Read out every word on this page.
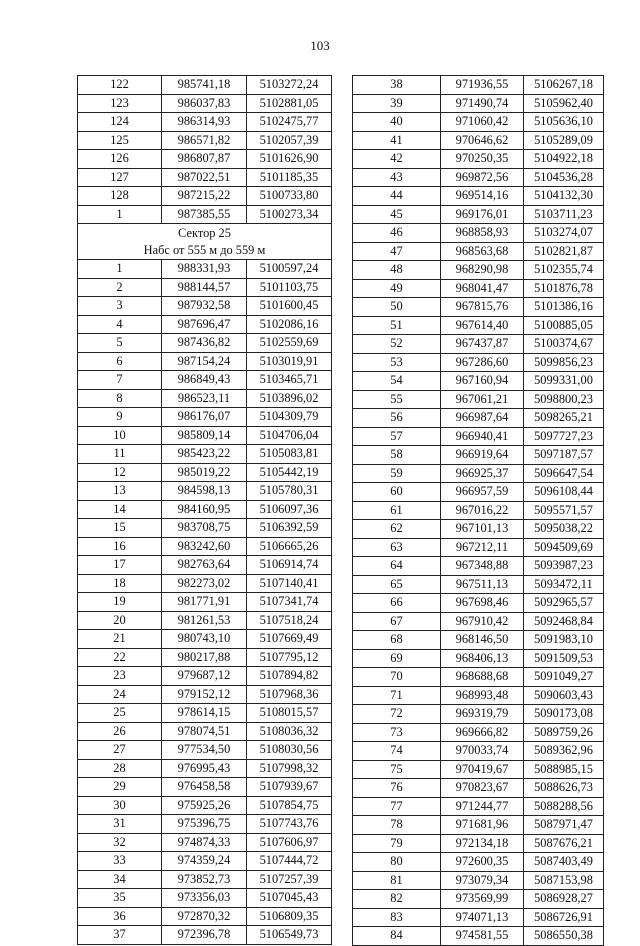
103
122	985741,18	5103272,24
123	986037,83	5102881,05
124	986314,93	5102475,77
125	986571,82	5102057,39
126	986807,87	5101626,90
127	987022,51	5101185,35
128	987215,22	5100733,80
1	987385,55	5100273,34

Сектор 25
Набс от 555 м до 559 м		

1	988331,93	5100597,24
2	988144,57	5101103,75
3	987932,58	5101600,45
4	987696,47	5102086,16
5	987436,82	5102559,69
6	987154,24	5103019,91
7	986849,43	5103465,71
8	986523,11	5103896,02
9	986176,07	5104309,79
10	985809,14	5104706,04
11	985423,22	5105083,81
12	985019,22	5105442,19
13	984598,13	5105780,31
14	984160,95	5106097,36
15	983708,75	5106392,59
16	983242,60	5106665,26
17	982763,64	5106914,74
18	982273,02	5107140,41
19	981771,91	5107341,74
20	981261,53	5107518,24
21	980743,10	5107669,49
22	980217,88	5107795,12
23	979687,12	5107894,82
24	979152,12	5107968,36
25	978614,15	5108015,57
26	978074,51	5108036,32
27	977534,50	5108030,56
28	976995,43	5107998,32
29	976458,58	5107939,67
30	975925,26	5107854,75
31	975396,75	5107743,76
32	974874,33	5107606,97
33	974359,24	5107444,72
34	973852,73	5107257,39
35	973356,03	5107045,43
36	972870,32	5106809,35
37	972396,78	5106549,73
38	971936,55	5106267,18
39	971490,74	5105962,40
40	971060,42	5105636,10
41	970646,62	5105289,09
42	970250,35	5104922,18
43	969872,56	5104536,28
44	969514,16	5104132,30
45	969176,01	5103711,23
46	968858,93	5103274,07
47	968563,68	5102821,87
48	968290,98	5102355,74
49	968041,47	5101876,78
50	967815,76	5101386,16
51	967614,40	5100885,05
52	967437,87	5100374,67
53	967286,60	5099856,23
54	967160,94	5099331,00
55	967061,21	5098800,23
56	966987,64	5098265,21
57	966940,41	5097727,23
58	966919,64	5097187,57
59	966925,37	5096647,54
60	966957,59	5096108,44
61	967016,22	5095571,57
62	967101,13	5095038,22
63	967212,11	5094509,69
64	967348,88	5093987,23
65	967511,13	5093472,11
66	967698,46	5092965,57
67	967910,42	5092468,84
68	968146,50	5091983,10
69	968406,13	5091509,53
70	968688,68	5091049,27
71	968993,48	5090603,43
72	969319,79	5090173,08
73	969666,82	5089759,26
74	970033,74	5089362,96
75	970419,67	5088985,15
76	970823,67	5088626,73
77	971244,77	5088288,56
78	971681,96	5087971,47
79	972134,18	5087676,21
80	972600,35	5087403,49
81	973079,34	5087153,98
82	973569,99	5086928,27
83	974071,13	5086726,91
84	974581,55	5086550,38
